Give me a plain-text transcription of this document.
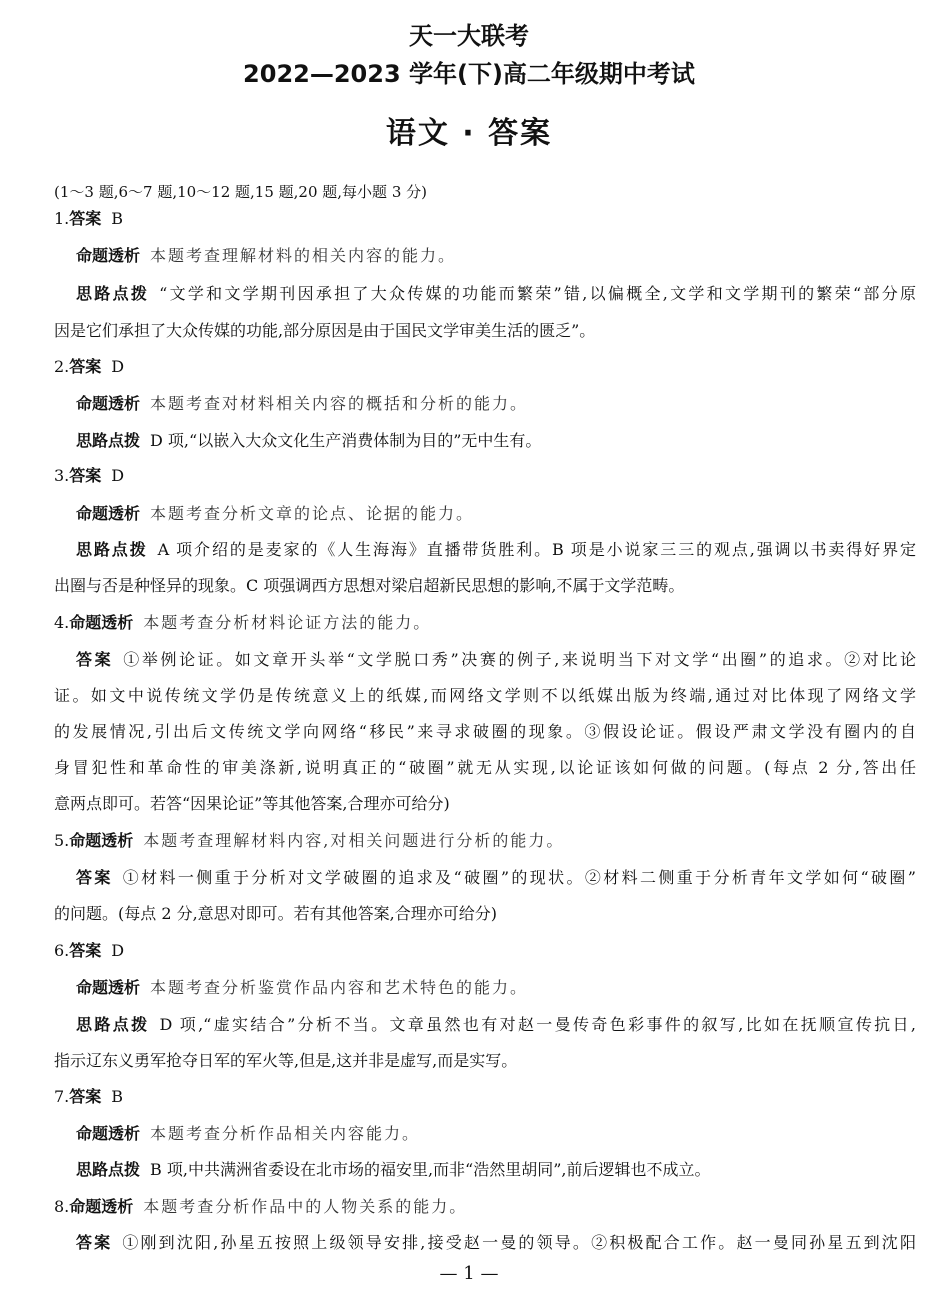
天一大联考
2022—2023 学年(下)高二年级期中考试
语文 · 答案
(1～3 题,6～7 题,10～12 题,15 题,20 题,每小题 3 分)
1.答案 B
命题透析 本题考查理解材料的相关内容的能力。
思路点拨 “文学和文学期刊因承担了大众传媒的功能而繁荣”错,以偏概全,文学和文学期刊的繁荣“部分原
因是它们承担了大众传媒的功能,部分原因是由于国民文学审美生活的匮乏”。
2.答案 D
命题透析 本题考查对材料相关内容的概括和分析的能力。
思路点拨 D 项,“以嵌入大众文化生产消费体制为目的”无中生有。
3.答案 D
命题透析 本题考查分析文章的论点、论据的能力。
思路点拨 A 项介绍的是麦家的《人生海海》直播带货胜利。B 项是小说家三三的观点,强调以书卖得好界定
出圈与否是种怪异的现象。C 项强调西方思想对梁启超新民思想的影响,不属于文学范畴。
4.命题透析 本题考查分析材料论证方法的能力。
答案 ①举例论证。如文章开头举“文学脱口秀”决赛的例子,来说明当下对文学“出圈”的追求。②对比论
证。如文中说传统文学仍是传统意义上的纸媒,而网络文学则不以纸媒出版为终端,通过对比体现了网络文学
的发展情况,引出后文传统文学向网络“移民”来寻求破圈的现象。③假设论证。假设严肃文学没有圈内的自
身冒犯性和革命性的审美涤新,说明真正的“破圈”就无从实现,以论证该如何做的问题。(每点 2 分,答出任
意两点即可。若答“因果论证”等其他答案,合理亦可给分)
5.命题透析 本题考查理解材料内容,对相关问题进行分析的能力。
答案 ①材料一侧重于分析对文学破圈的追求及“破圈”的现状。②材料二侧重于分析青年文学如何“破圈”
的问题。(每点 2 分,意思对即可。若有其他答案,合理亦可给分)
6.答案 D
命题透析 本题考查分析鉴赏作品内容和艺术特色的能力。
思路点拨 D 项,“虚实结合”分析不当。文章虽然也有对赵一曼传奇色彩事件的叙写,比如在抚顺宣传抗日,
指示辽东义勇军抢夺日军的军火等,但是,这并非是虚写,而是实写。
7.答案 B
命题透析 本题考查分析作品相关内容能力。
思路点拨 B 项,中共满洲省委设在北市场的福安里,而非“浩然里胡同”,前后逻辑也不成立。
8.命题透析 本题考查分析作品中的人物关系的能力。
答案 ①刚到沈阳,孙星五按照上级领导安排,接受赵一曼的领导。②积极配合工作。赵一曼同孙星五到沈阳
— 1 —
